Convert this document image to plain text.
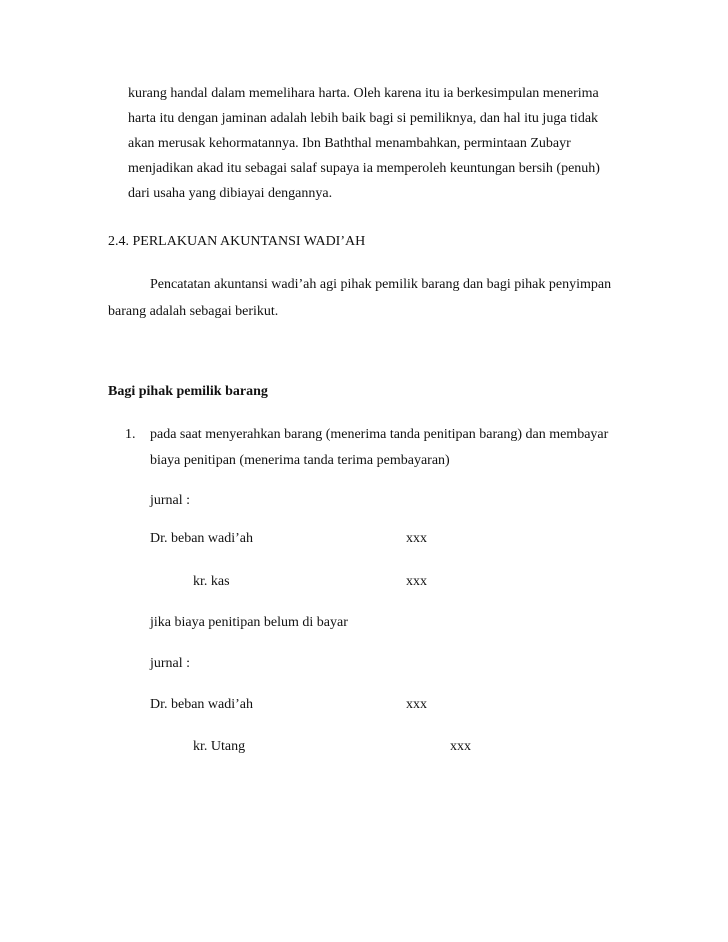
kurang handal dalam memelihara harta. Oleh karena itu ia berkesimpulan menerima
harta itu dengan jaminan adalah lebih baik bagi si pemiliknya, dan hal itu juga tidak
akan merusak kehormatannya. Ibn Baththal menambahkan, permintaan Zubayr
menjadikan akad itu sebagai salaf supaya ia memperoleh keuntungan bersih (penuh)
dari usaha yang dibiayai dengannya.
2.4. PERLAKUAN AKUNTANSI WADI’AH
Pencatatan akuntansi wadi’ah agi pihak pemilik barang dan bagi pihak penyimpan
barang adalah sebagai berikut.
Bagi pihak pemilik barang
1. pada saat menyerahkan barang (menerima tanda penitipan barang) dan membayar
biaya penitipan (menerima tanda terima pembayaran)
jurnal :
Dr. beban wadi’ah	xxx
kr. kas	xxx
jika biaya penitipan belum di bayar
jurnal :
Dr. beban wadi’ah	xxx
kr. Utang	xxx
